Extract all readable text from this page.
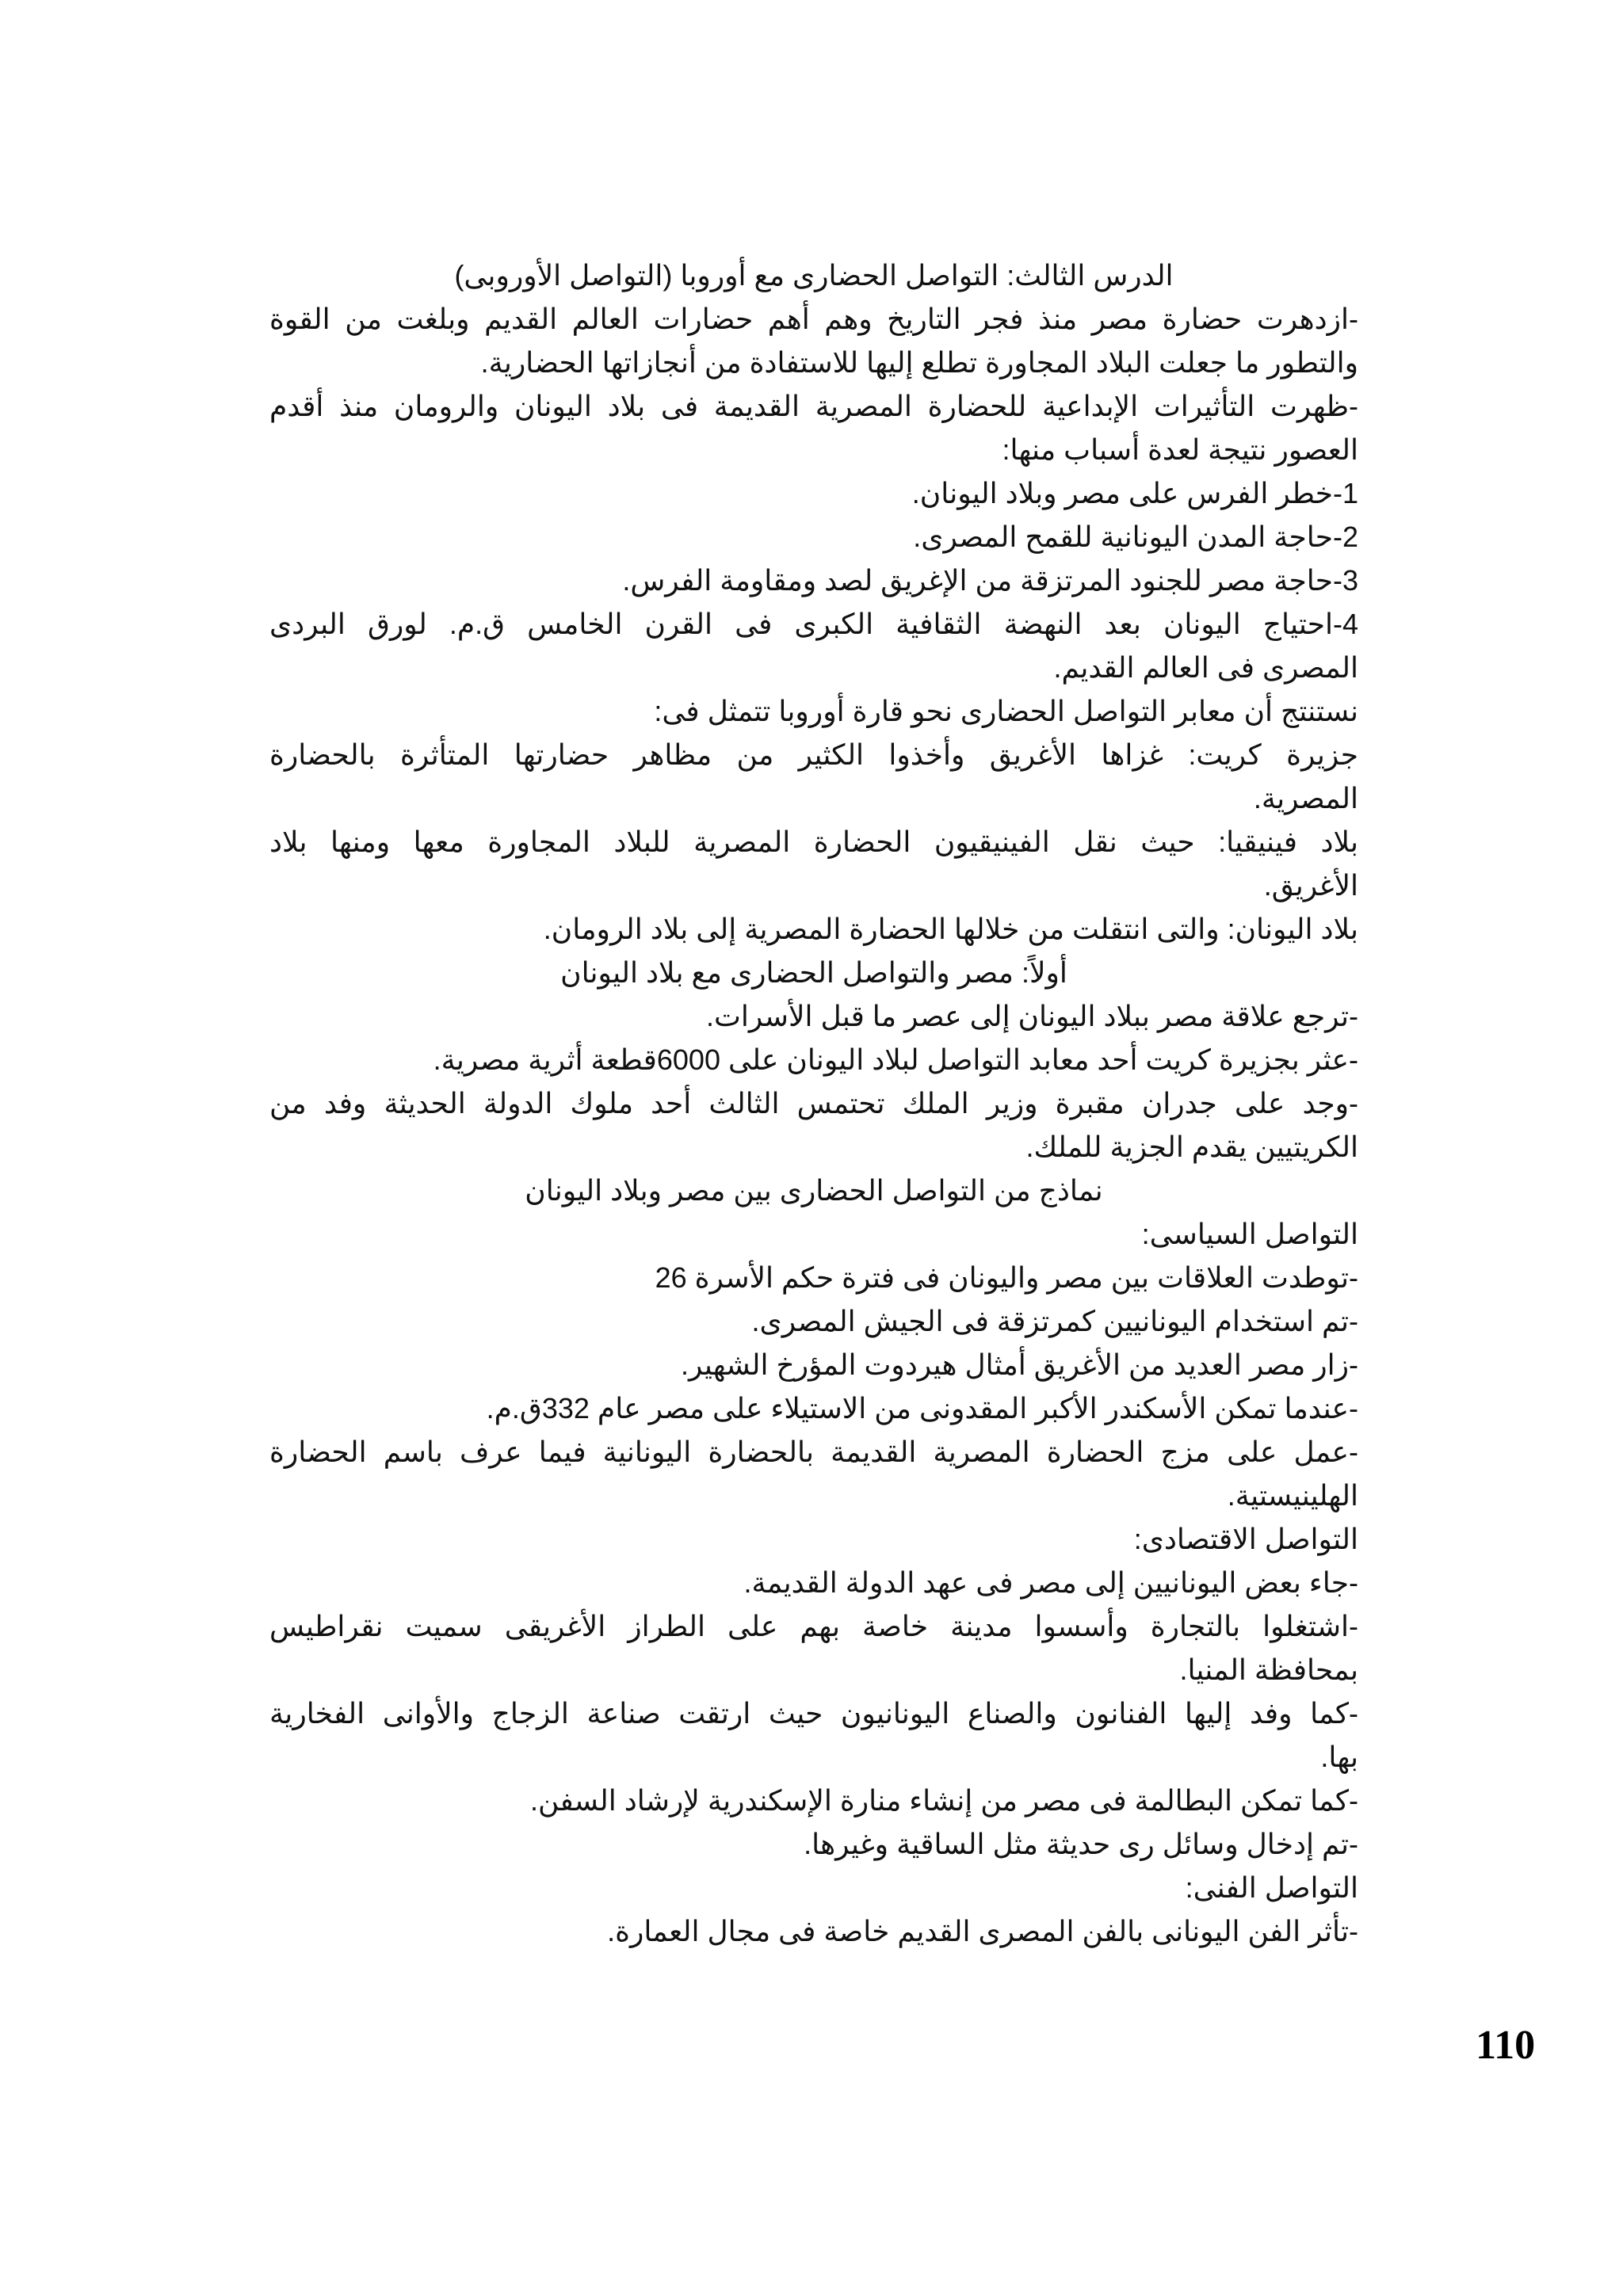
الدرس الثالث: التواصل الحضارى مع أوروبا (التواصل الأوروبى)
-ازدهرت حضارة مصر منذ فجر التاريخ وهم أهم حضارات العالم القديم وبلغت من القوة
والتطور ما جعلت البلاد المجاورة تطلع إليها للاستفادة من أنجازاتها الحضارية.
-ظهرت التأثيرات الإبداعية للحضارة المصرية القديمة فى بلاد اليونان والرومان منذ أقدم
العصور نتيجة لعدة أسباب منها:
1-خطر الفرس على مصر وبلاد اليونان.
2-حاجة المدن اليونانية للقمح المصرى.
3-حاجة مصر للجنود المرتزقة من الإغريق لصد ومقاومة الفرس.
4-احتياج اليونان بعد النهضة الثقافية الكبرى فى القرن الخامس ق.م. لورق البردى
المصرى فى العالم القديم.
نستنتج أن معابر التواصل الحضارى نحو قارة أوروبا تتمثل فى:
جزيرة كريت: غزاها الأغريق وأخذوا الكثير من مظاهر حضارتها المتأثرة بالحضارة
المصرية.
بلاد فينيقيا: حيث نقل الفينيقيون الحضارة المصرية للبلاد المجاورة معها ومنها بلاد
الأغريق.
بلاد اليونان: والتى انتقلت من خلالها الحضارة المصرية إلى بلاد الرومان.
أولاً: مصر والتواصل الحضارى مع بلاد اليونان
-ترجع علاقة مصر ببلاد اليونان إلى عصر ما قبل الأسرات.
-عثر بجزيرة كريت أحد معابد التواصل لبلاد اليونان على 6000قطعة أثرية مصرية.
-وجد على جدران مقبرة وزير الملك تحتمس الثالث أحد ملوك الدولة الحديثة وفد من
الكريتيين يقدم الجزية للملك.
نماذج من التواصل الحضارى بين مصر وبلاد اليونان
التواصل السياسى:
-توطدت العلاقات بين مصر واليونان فى فترة حكم الأسرة 26
-تم استخدام اليونانيين كمرتزقة فى الجيش المصرى.
-زار مصر العديد من الأغريق أمثال هيردوت المؤرخ الشهير.
-عندما تمكن الأسكندر الأكبر المقدونى من الاستيلاء على مصر عام 332ق.م.
-عمل على مزج الحضارة المصرية القديمة بالحضارة اليونانية فيما عرف باسم الحضارة
الهلينيستية.
التواصل الاقتصادى:
-جاء بعض اليونانيين إلى مصر فى عهد الدولة القديمة.
-اشتغلوا بالتجارة وأسسوا مدينة خاصة بهم على الطراز الأغريقى سميت نقراطيس
بمحافظة المنيا.
-كما وفد إليها الفنانون والصناع اليونانيون حيث ارتقت صناعة الزجاج والأوانى الفخارية
بها.
-كما تمكن البطالمة فى مصر من إنشاء منارة الإسكندرية لإرشاد السفن.
-تم إدخال وسائل رى حديثة مثل الساقية وغيرها.
التواصل الفنى:
-تأثر الفن اليونانى بالفن المصرى القديم خاصة فى مجال العمارة.
110
